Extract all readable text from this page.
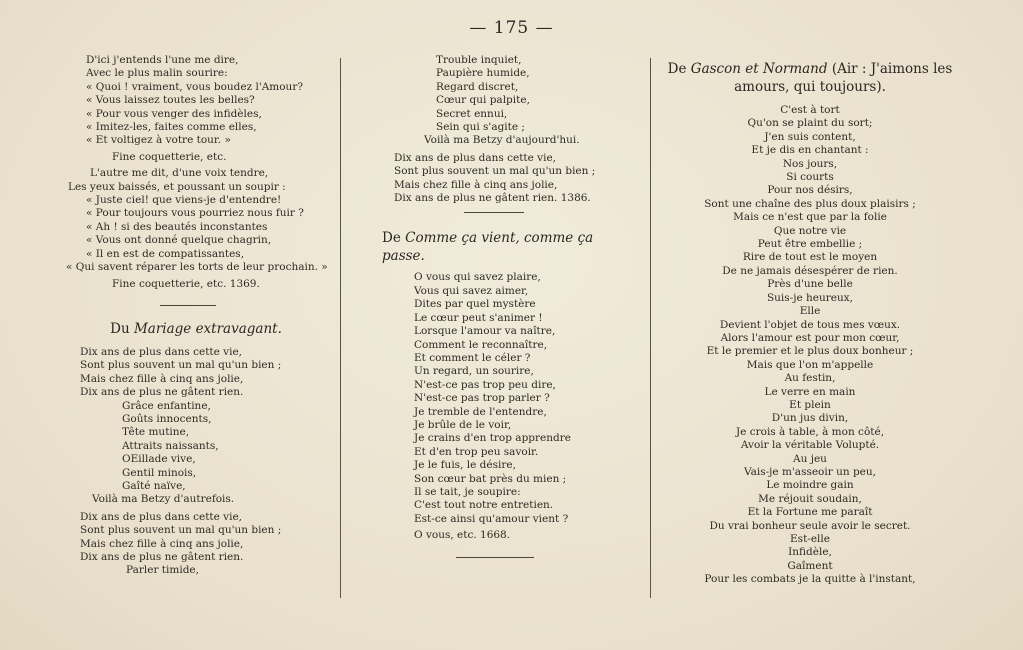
— 175 —
D'ici j'entends l'une me dire,
Avec le plus malin sourire:
« Quoi ! vraiment, vous boudez l'Amour?
« Vous laissez toutes les belles?
« Pour vous venger des infidèles,
« Imitez-les, faites comme elles,
« Et voltigez à votre tour. »
Fine coquetterie, etc.
L'autre me dit, d'une voix tendre,
Les yeux baissés, et poussant un soupir :
« Juste ciel! que viens-je d'entendre!
« Pour toujours vous pourriez nous fuir ?
« Ah ! si des beautés inconstantes
« Vous ont donné quelque chagrin,
« Il en est de compatissantes,
« Qui savent réparer les torts de leur prochain. »
Fine coquetterie, etc. 1369.
Du Mariage extravagant.
Dix ans de plus dans cette vie,
Sont plus souvent un mal qu'un bien ;
Mais chez fille à cinq ans jolie,
Dix ans de plus ne gâtent rien.
Grâce enfantine,
Goûts innocents,
Tête mutine,
Attraits naissants,
OEillade vive,
Gentil minois,
Gaîté naïve,
Voilà ma Betzy d'autrefois.
Dix ans de plus dans cette vie,
Sont plus souvent un mal qu'un bien ;
Mais chez fille à cinq ans jolie,
Dix ans de plus ne gâtent rien.
Parler timide,
Trouble inquiet,
Paupière humide,
Regard discret,
Cœur qui palpite,
Secret ennui,
Sein qui s'agite ;
Voilà ma Betzy d'aujourd'hui.
Dix ans de plus dans cette vie,
Sont plus souvent un mal qu'un bien ;
Mais chez fille à cinq ans jolie,
Dix ans de plus ne gâtent rien. 1386.
De Comme ça vient, comme ça passe.
O vous qui savez plaire,
Vous qui savez aimer,
Dites par quel mystère
Le cœur peut s'animer !
Lorsque l'amour va naître,
Comment le reconnaître,
Et comment le céler ?
Un regard, un sourire,
N'est-ce pas trop peu dire,
N'est-ce pas trop parler ?
Je tremble de l'entendre,
Je brûle de le voir,
Je crains d'en trop apprendre
Et d'en trop peu savoir.
Je le fuis, le désire,
Son cœur bat près du mien ;
Il se tait, je soupire:
C'est tout notre entretien.
Est-ce ainsi qu'amour vient ?
O vous, etc. 1668.
De Gascon et Normand (Air : J'aimons les
amours, qui toujours).
C'est à tort
Qu'on se plaint du sort;
J'en suis content,
Et je dis en chantant :
Nos jours,
Si courts
Pour nos désirs,
Sont une chaîne des plus doux plaisirs ;
Mais ce n'est que par la folie
Que notre vie
Peut être embellie ;
Rire de tout est le moyen
De ne jamais désespérer de rien.
Près d'une belle
Suis-je heureux,
Elle
Devient l'objet de tous mes vœux.
Alors l'amour est pour mon cœur,
Et le premier et le plus doux bonheur ;
Mais que l'on m'appelle
Au festin,
Le verre en main
Et plein
D'un jus divin,
Je crois à table, à mon côté,
Avoir la véritable Volupté.
Au jeu
Vais-je m'asseoir un peu,
Le moindre gain
Me réjouit soudain,
Et la Fortune me paraît
Du vrai bonheur seule avoir le secret.
Est-elle
Infidèle,
Gaîment
Pour les combats je la quitte à l'instant,
